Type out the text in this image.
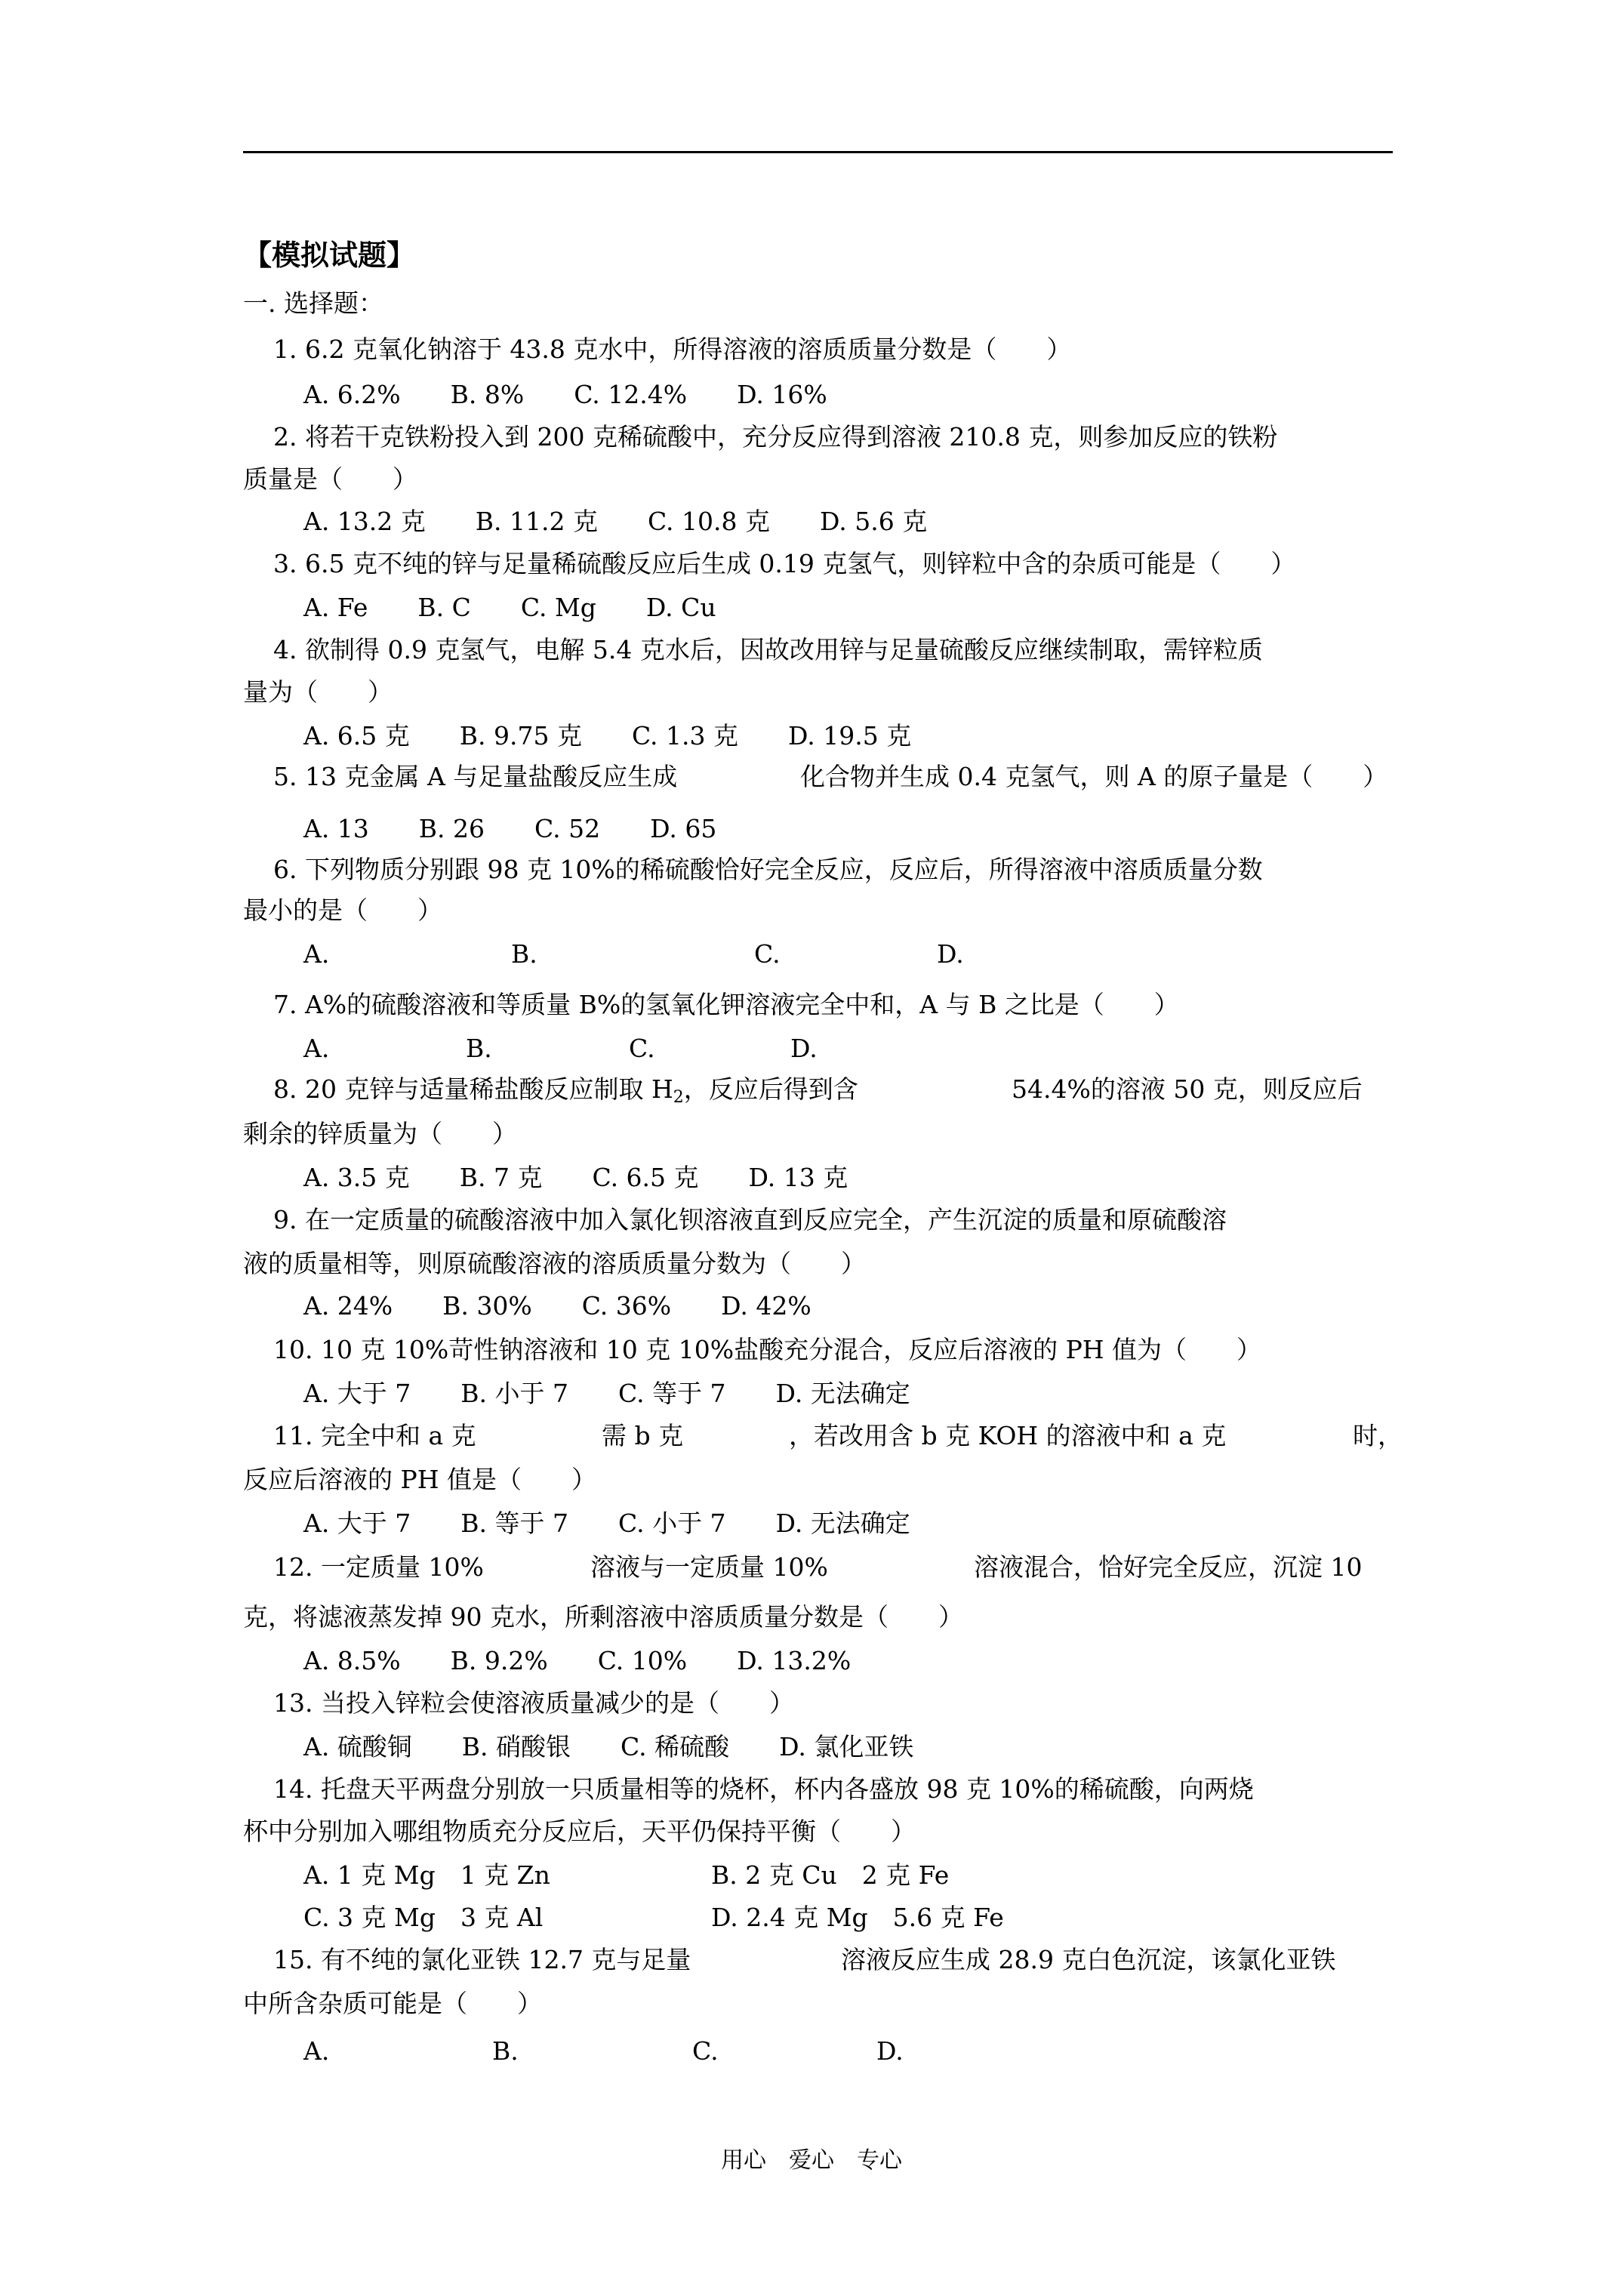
【模拟试题】
一. 选择题：
1. 6.2 克氧化钠溶于 43.8 克水中，所得溶液的溶质质量分数是（　　）
A. 6.2%　　B. 8%　　C. 12.4%　　D. 16%
2. 将若干克铁粉投入到 200 克稀硫酸中，充分反应得到溶液 210.8 克，则参加反应的铁粉
质量是（　　）
A. 13.2 克　　B. 11.2 克　　C. 10.8 克　　D. 5.6 克
3. 6.5 克不纯的锌与足量稀硫酸反应后生成 0.19 克氢气，则锌粒中含的杂质可能是（　　）
A. Fe　　B. C　　C. Mg　　D. Cu
4. 欲制得 0.9 克氢气，电解 5.4 克水后，因故改用锌与足量硫酸反应继续制取，需锌粒质
量为（　　）
A. 6.5 克　　B. 9.75 克　　C. 1.3 克　　D. 19.5 克
5. 13 克金属 A 与足量盐酸反应生成	化合物并生成 0.4 克氢气，则 A 的原子量是（　　）
A. 13　　B. 26　　C. 52　　D. 65
6. 下列物质分别跟 98 克 10%的稀硫酸恰好完全反应，反应后，所得溶液中溶质质量分数
最小的是（　　）
A.	B.	C.	D.
7. A%的硫酸溶液和等质量 B%的氢氧化钾溶液完全中和，A 与 B 之比是（　　）
A.	B.	C.	D.
8. 20 克锌与适量稀盐酸反应制取 $H_2$，反应后得到含	54.4%的溶液 50 克，则反应后
剩余的锌质量为（　　）
A. 3.5 克　　B. 7 克　　C. 6.5 克　　D. 13 克
9. 在一定质量的硫酸溶液中加入氯化钡溶液直到反应完全，产生沉淀的质量和原硫酸溶
液的质量相等，则原硫酸溶液的溶质质量分数为（　　）
A. 24%　　B. 30%　　C. 36%　　D. 42%
10. 10 克 10%苛性钠溶液和 10 克 10%盐酸充分混合，反应后溶液的 PH 值为（　　）
A. 大于 7　　B. 小于 7　　C. 等于 7　　D. 无法确定
11. 完全中和 a 克	需 b 克	，若改用含 b 克 KOH 的溶液中和 a 克	时，
反应后溶液的 PH 值是（　　）
A. 大于 7　　B. 等于 7　　C. 小于 7　　D. 无法确定
12. 一定质量 10%	溶液与一定质量 10%	溶液混合，恰好完全反应，沉淀 10
克，将滤液蒸发掉 90 克水，所剩溶液中溶质质量分数是（　　）
A. 8.5%　　B. 9.2%　　C. 10%　　D. 13.2%
13. 当投入锌粒会使溶液质量减少的是（　　）
A. 硫酸铜　　B. 硝酸银　　C. 稀硫酸　　D. 氯化亚铁
14. 托盘天平两盘分别放一只质量相等的烧杯，杯内各盛放 98 克 10%的稀硫酸，向两烧
杯中分别加入哪组物质充分反应后，天平仍保持平衡（　　）
A. 1 克 Mg　1 克 Zn	B. 2 克 Cu　2 克 Fe
C. 3 克 Mg　3 克 Al	D. 2.4 克 Mg　5.6 克 Fe
15. 有不纯的氯化亚铁 12.7 克与足量	溶液反应生成 28.9 克白色沉淀，该氯化亚铁
中所含杂质可能是（　　）
A.	B.	C.	D.
用心　爱心　专心
